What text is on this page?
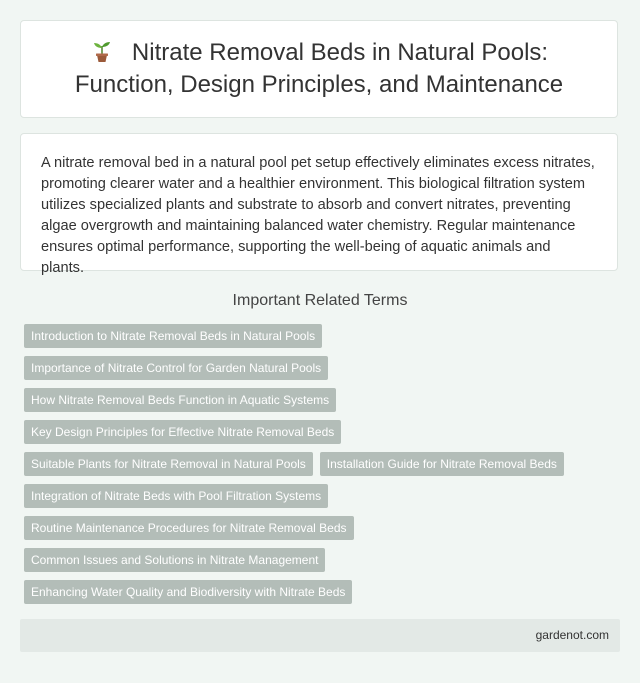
Nitrate Removal Beds in Natural Pools:
Function, Design Principles, and Maintenance

A nitrate removal bed in a natural pool pet setup effectively eliminates excess nitrates, promoting clearer water and a healthier environment. This biological filtration system utilizes specialized plants and substrate to absorb and convert nitrates, preventing algae overgrowth and maintaining balanced water chemistry. Regular maintenance ensures optimal performance, supporting the well-being of aquatic animals and plants.

Important Related Terms
Introduction to Nitrate Removal Beds in Natural Pools
Importance of Nitrate Control for Garden Natural Pools
How Nitrate Removal Beds Function in Aquatic Systems
Key Design Principles for Effective Nitrate Removal Beds
Suitable Plants for Nitrate Removal in Natural Pools	Installation Guide for Nitrate Removal Beds
Integration of Nitrate Beds with Pool Filtration Systems
Routine Maintenance Procedures for Nitrate Removal Beds
Common Issues and Solutions in Nitrate Management
Enhancing Water Quality and Biodiversity with Nitrate Beds
gardenot.com
